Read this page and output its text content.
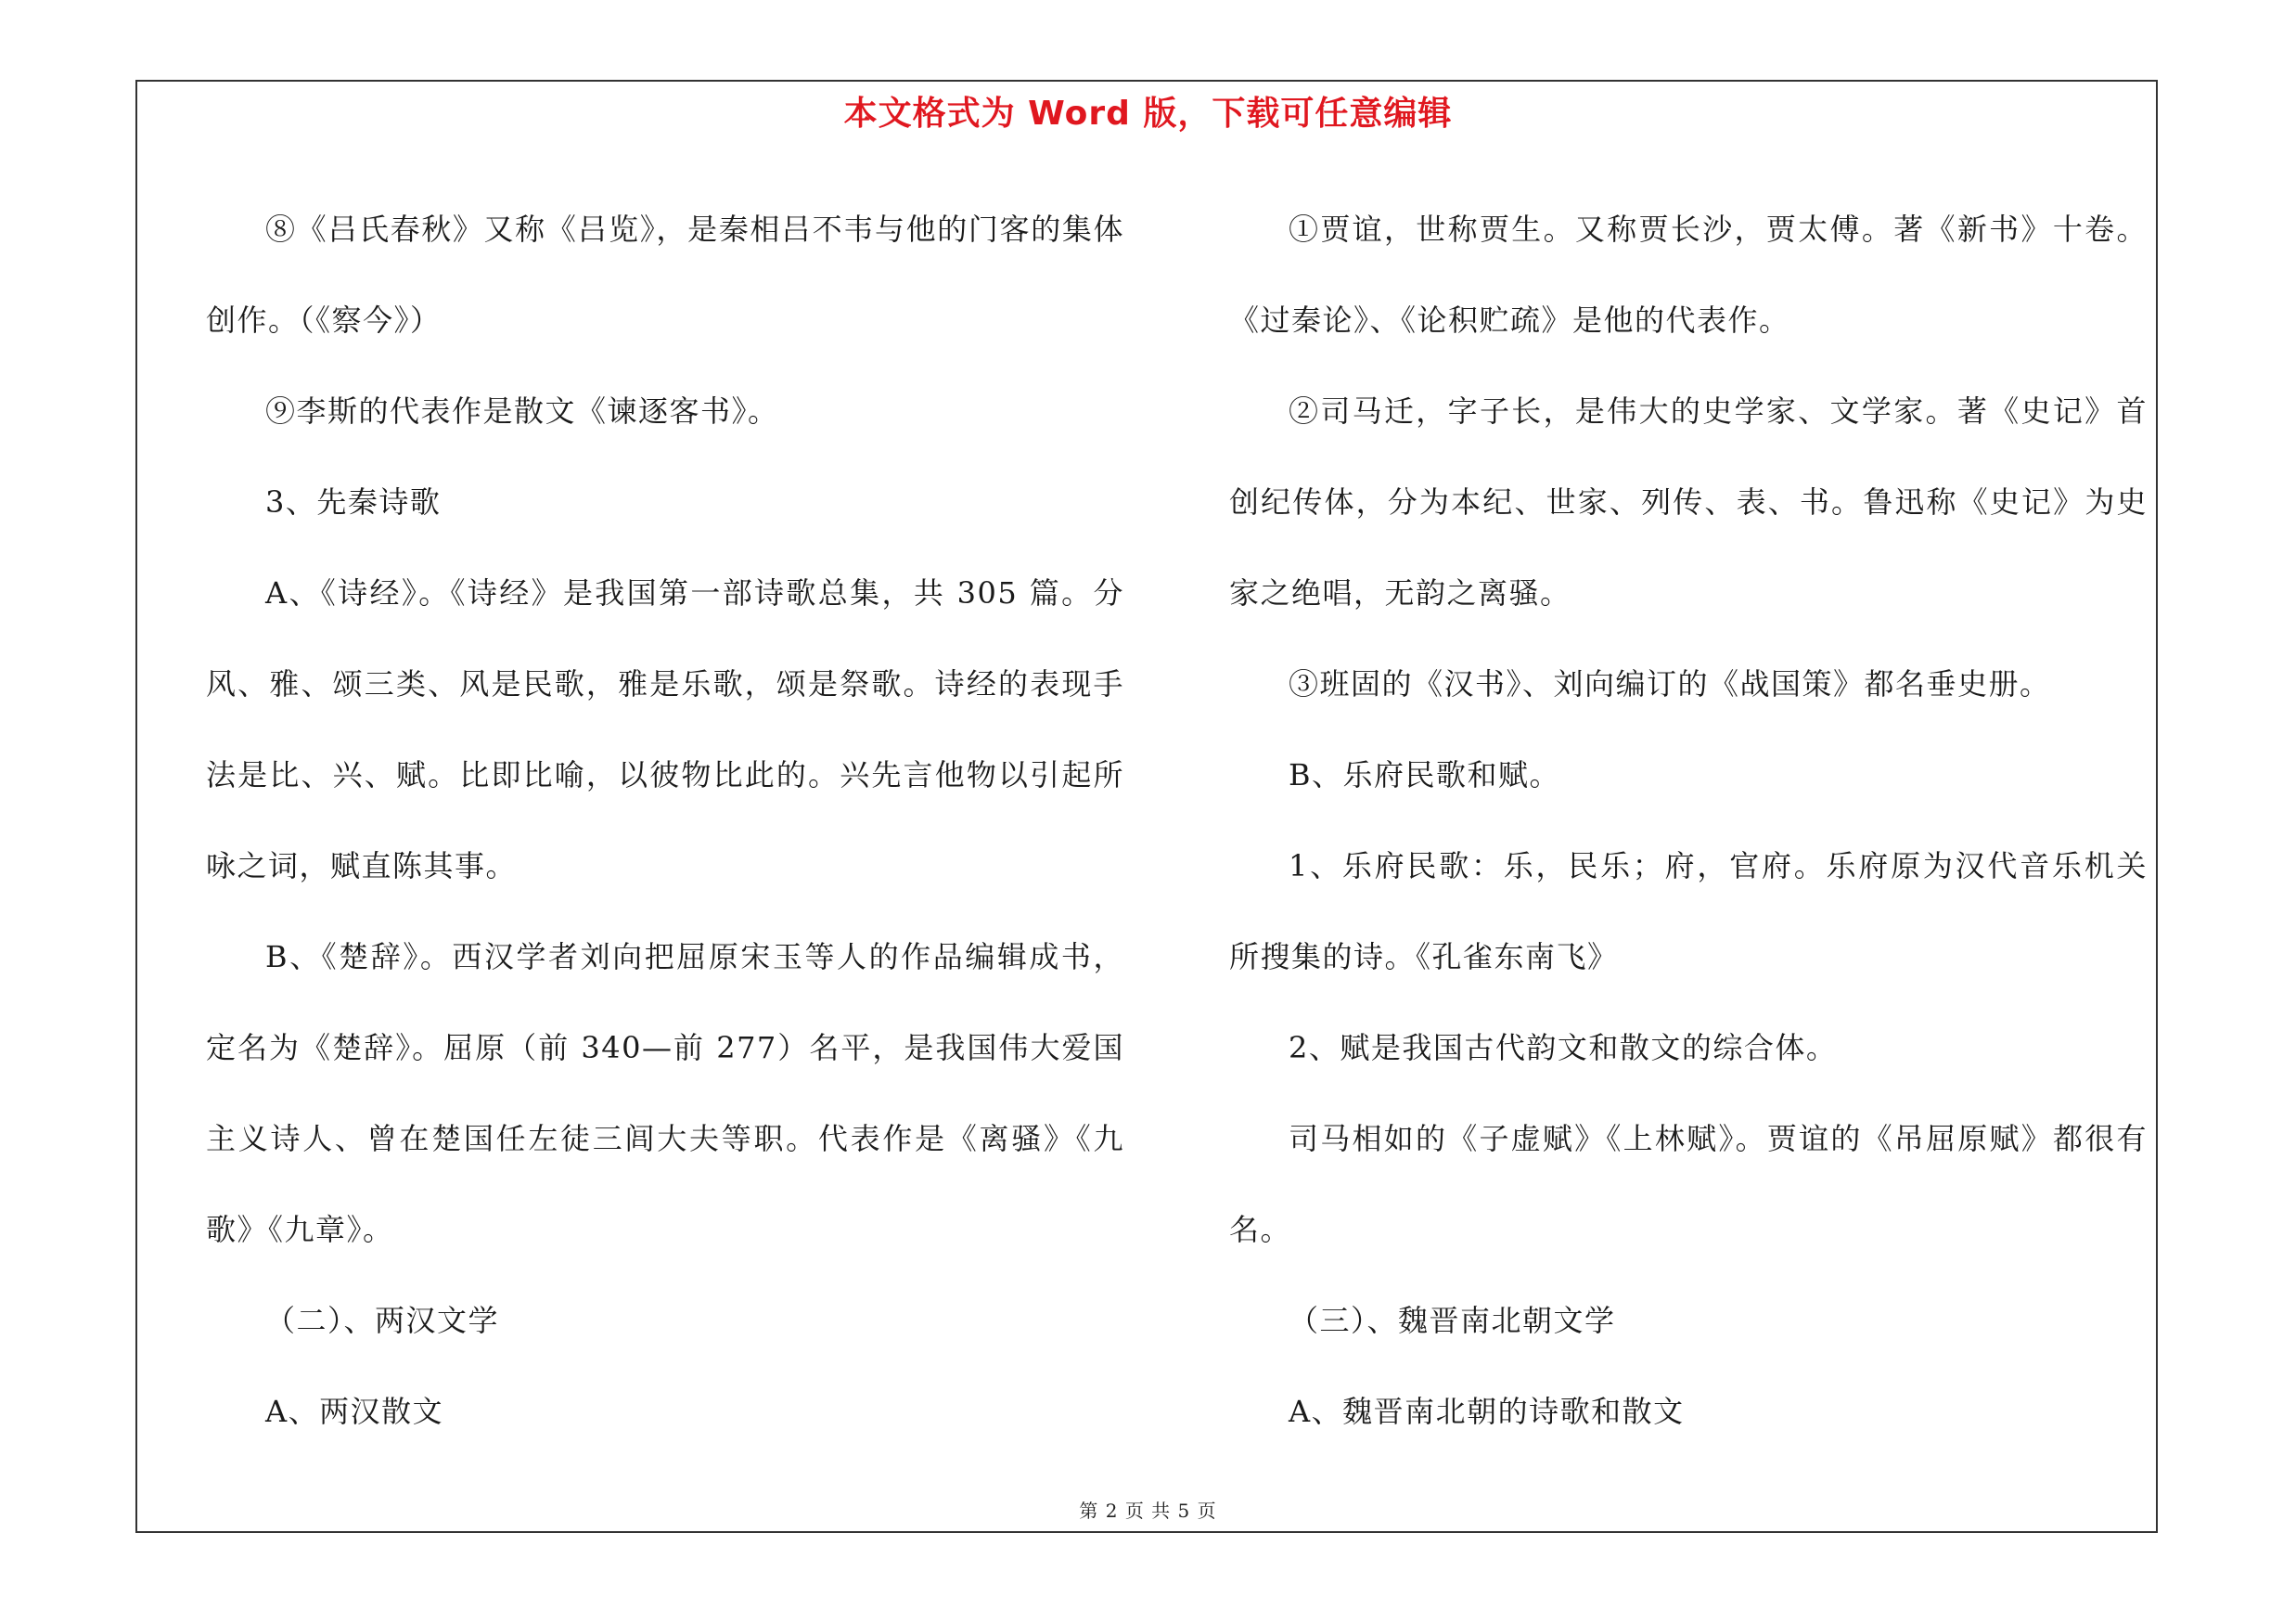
本文格式为 Word 版，下载可任意编辑

⑧《吕氏春秋》又称《吕览》，是秦相吕不韦与他的门客的集体创作。（《察今》）

⑨李斯的代表作是散文《谏逐客书》。

3、先秦诗歌

A、《诗经》。《诗经》是我国第一部诗歌总集，共 305 篇。分风、雅、颂三类、风是民歌，雅是乐歌，颂是祭歌。诗经的表现手法是比、兴、赋。比即比喻，以彼物比此的。兴先言他物以引起所咏之词，赋直陈其事。

B、《楚辞》。西汉学者刘向把屈原宋玉等人的作品编辑成书，定名为《楚辞》。屈原（前 340—前 277）名平，是我国伟大爱国主义诗人、曾在楚国任左徒三闾大夫等职。代表作是《离骚》《九歌》《九章》。

（二）、两汉文学

A、两汉散文

①贾谊，世称贾生。又称贾长沙，贾太傅。著《新书》十卷。《过秦论》、《论积贮疏》是他的代表作。

②司马迁，字子长，是伟大的史学家、文学家。著《史记》首创纪传体，分为本纪、世家、列传、表、书。鲁迅称《史记》为史家之绝唱，无韵之离骚。

③班固的《汉书》、刘向编订的《战国策》都名垂史册。

B、乐府民歌和赋。

1、乐府民歌：乐，民乐；府，官府。乐府原为汉代音乐机关所搜集的诗。《孔雀东南飞》

2、赋是我国古代韵文和散文的综合体。

司马相如的《子虚赋》《上林赋》。贾谊的《吊屈原赋》都很有名。

（三）、魏晋南北朝文学

A、魏晋南北朝的诗歌和散文

第 2 页 共 5 页
